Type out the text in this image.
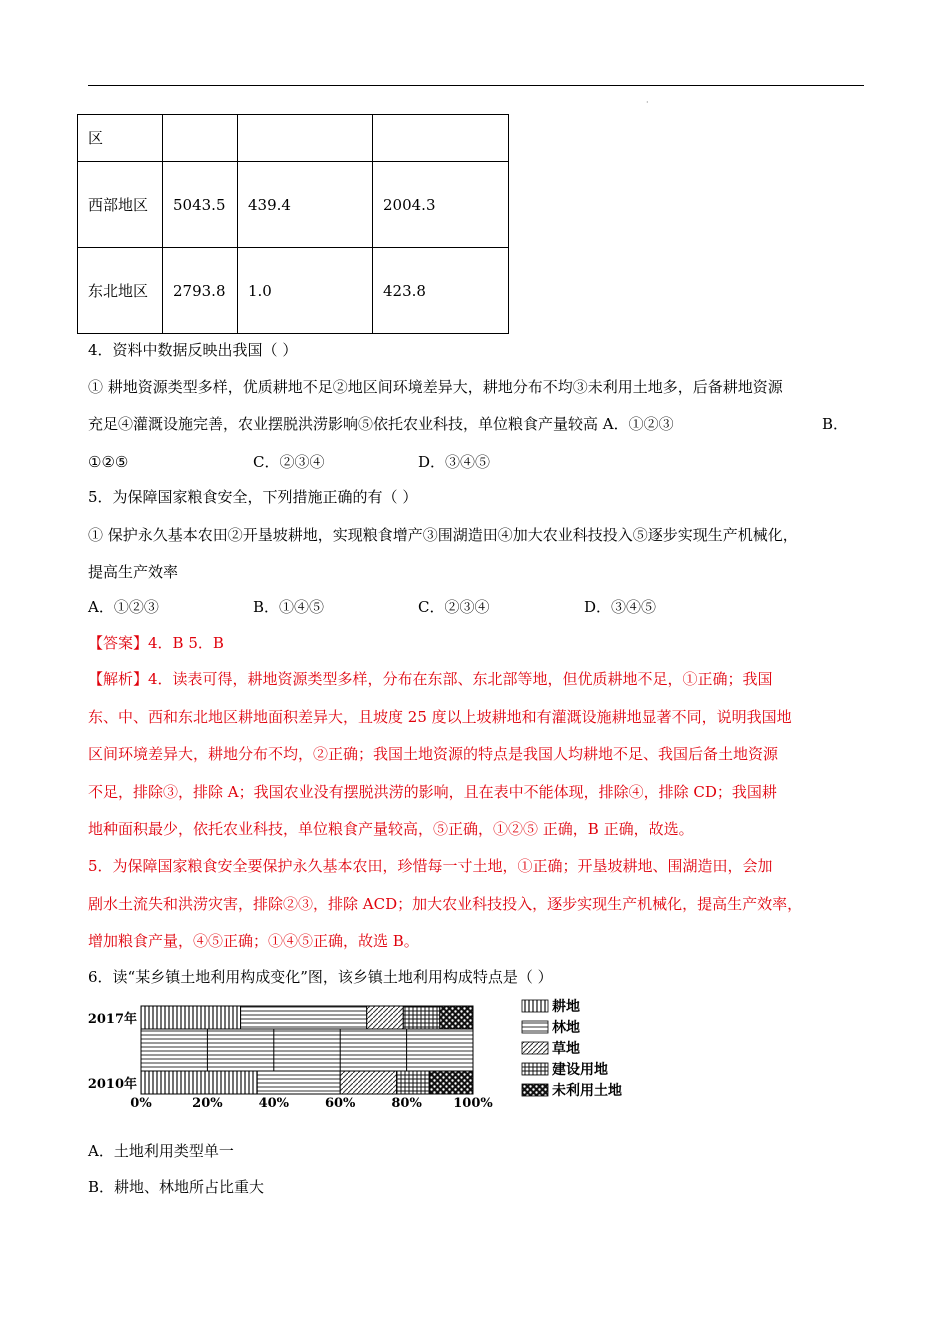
·
区			
西部地区	5043.5	439.4	2004.3
东北地区	2793.8	1.0	423.8
4．资料中数据反映出我国（ ）
① 耕地资源类型多样，优质耕地不足②地区间环境差异大，耕地分布不均③未利用土地多，后备耕地资源
充足④灌溉设施完善，农业摆脱洪涝影响⑤依托农业科技，单位粮食产量较高 A．①②③	B．
①②⑤	C．②③④	D．③④⑤
5．为保障国家粮食安全，下列措施正确的有（ ）
① 保护永久基本农田②开垦坡耕地，实现粮食增产③围湖造田④加大农业科技投入⑤逐步实现生产机械化，
提高生产效率
A．①②③	B．①④⑤	C．②③④	D．③④⑤
【答案】4．B 5．B
【解析】4．读表可得，耕地资源类型多样，分布在东部、东北部等地，但优质耕地不足，①正确；我国
东、中、西和东北地区耕地面积差异大，且坡度 25 度以上坡耕地和有灌溉设施耕地显著不同，说明我国地
区间环境差异大，耕地分布不均，②正确；我国土地资源的特点是我国人均耕地不足、我国后备土地资源
不足，排除③，排除 A；我国农业没有摆脱洪涝的影响，且在表中不能体现，排除④，排除 CD；我国耕
地种面积最少，依托农业科技，单位粮食产量较高，⑤正确，①②⑤ 正确，B 正确，故选。
5．为保障国家粮食安全要保护永久基本农田，珍惜每一寸土地，①正确；开垦坡耕地、围湖造田，会加
剧水土流失和洪涝灾害，排除②③，排除 ACD；加大农业科技投入，逐步实现生产机械化，提高生产效率，
增加粮食产量，④⑤正确；①④⑤正确，故选 B。
6．读“某乡镇土地利用构成变化”图，该乡镇土地利用构成特点是（ ）
2017年
2010年
0%	20%	40%	60%	80% 100%
耕地
林地
草地
建设用地
未利用土地
A．土地利用类型单一
B．耕地、林地所占比重大
